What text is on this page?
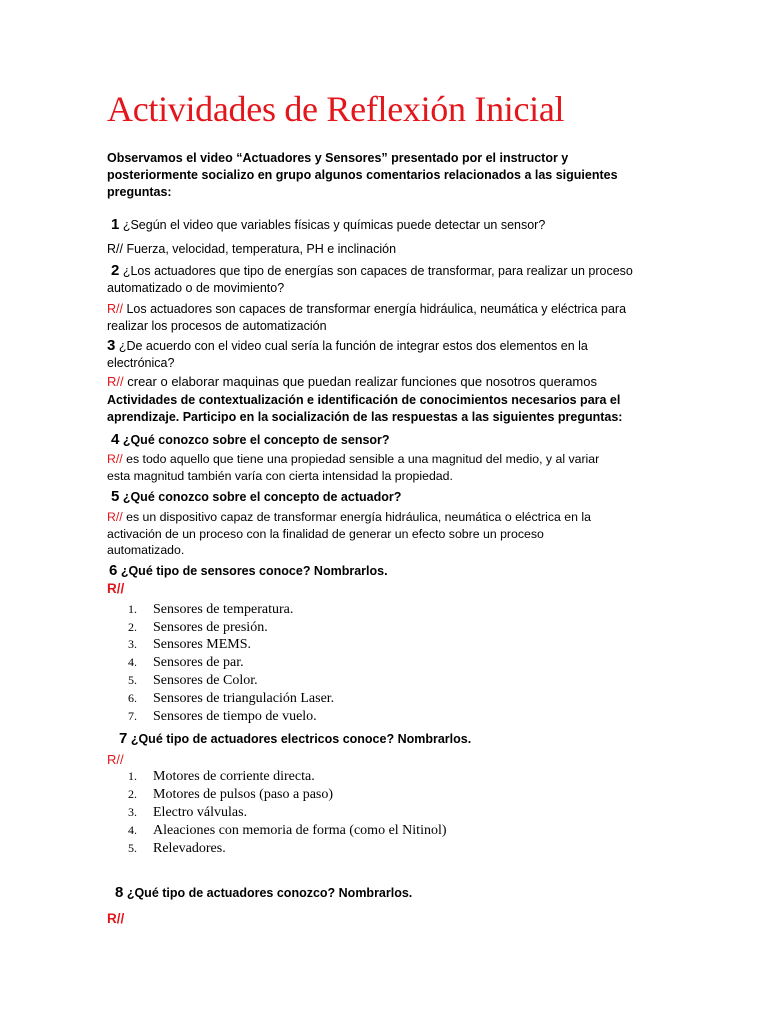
Actividades de Reflexión Inicial
Observamos el video “Actuadores y Sensores” presentado por el instructor y
posteriormente socializo en grupo algunos comentarios relacionados a las siguientes
preguntas:
1 ¿Según el video que variables físicas y químicas puede detectar un sensor?
R// Fuerza, velocidad, temperatura, PH e inclinación
2 ¿Los actuadores que tipo de energías son capaces de transformar, para realizar un proceso
automatizado o de movimiento?
R// Los actuadores son capaces de transformar energía hidráulica, neumática y eléctrica para
realizar los procesos de automatización
3 ¿De acuerdo con el video cual sería la función de integrar estos dos elementos en la
electrónica?
R// crear o elaborar maquinas que puedan realizar funciones que nosotros queramos
Actividades de contextualización e identificación de conocimientos necesarios para el
aprendizaje. Participo en la socialización de las respuestas a las siguientes preguntas:
4 ¿Qué conozco sobre el concepto de sensor?
R// es todo aquello que tiene una propiedad sensible a una magnitud del medio, y al variar
esta magnitud también varía con cierta intensidad la propiedad.
5 ¿Qué conozco sobre el concepto de actuador?
R// es un dispositivo capaz de transformar energía hidráulica, neumática o eléctrica en la
activación de un proceso con la finalidad de generar un efecto sobre un proceso
automatizado.
6 ¿Qué tipo de sensores conoce? Nombrarlos.
R//
1. Sensores de temperatura.
2. Sensores de presión.
3. Sensores MEMS.
4. Sensores de par.
5. Sensores de Color.
6. Sensores de triangulación Laser.
7. Sensores de tiempo de vuelo.
7 ¿Qué tipo de actuadores electricos conoce? Nombrarlos.
R//
1. Motores de corriente directa.
2. Motores de pulsos (paso a paso)
3. Electro válvulas.
4. Aleaciones con memoria de forma (como el Nitinol)
5. Relevadores.
8 ¿Qué tipo de actuadores conozco? Nombrarlos.
R//
